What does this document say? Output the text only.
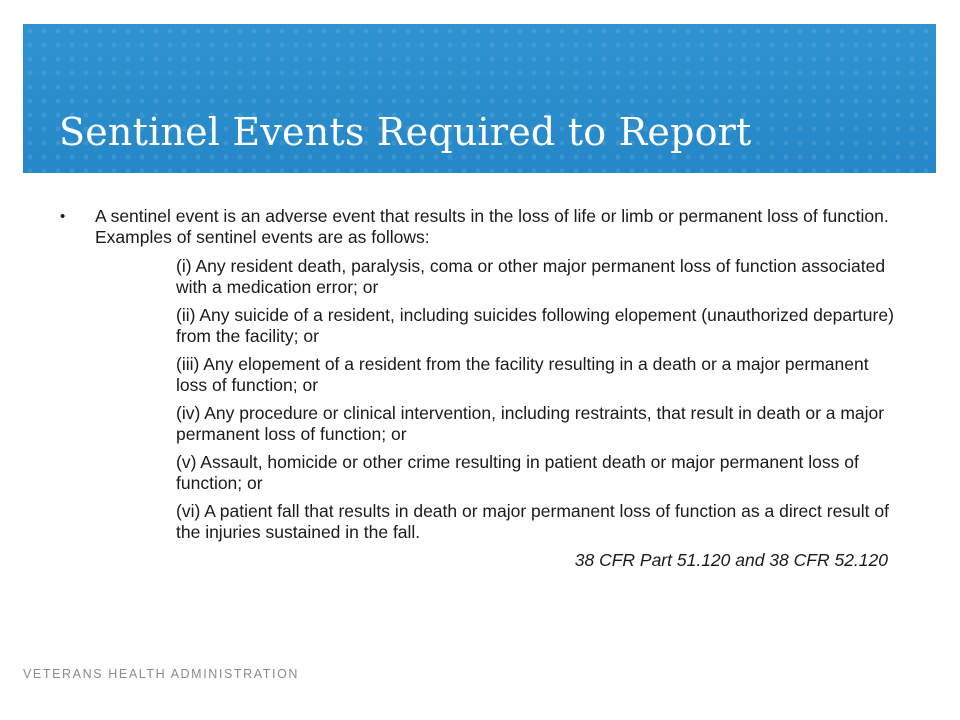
Sentinel Events Required to Report
• A sentinel event is an adverse event that results in the loss of life or limb or permanent loss of function. Examples of sentinel events are as follows:

(i) Any resident death, paralysis, coma or other major permanent loss of function associated with a medication error; or
(ii) Any suicide of a resident, including suicides following elopement (unauthorized departure) from the facility; or
(iii) Any elopement of a resident from the facility resulting in a death or a major permanent loss of function; or
(iv) Any procedure or clinical intervention, including restraints, that result in death or a major permanent loss of function; or
(v) Assault, homicide or other crime resulting in patient death or major permanent loss of function; or
(vi) A patient fall that results in death or major permanent loss of function as a direct result of the injuries sustained in the fall.

38 CFR Part 51.120 and 38 CFR 52.120

VETERANS HEALTH ADMINISTRATION
